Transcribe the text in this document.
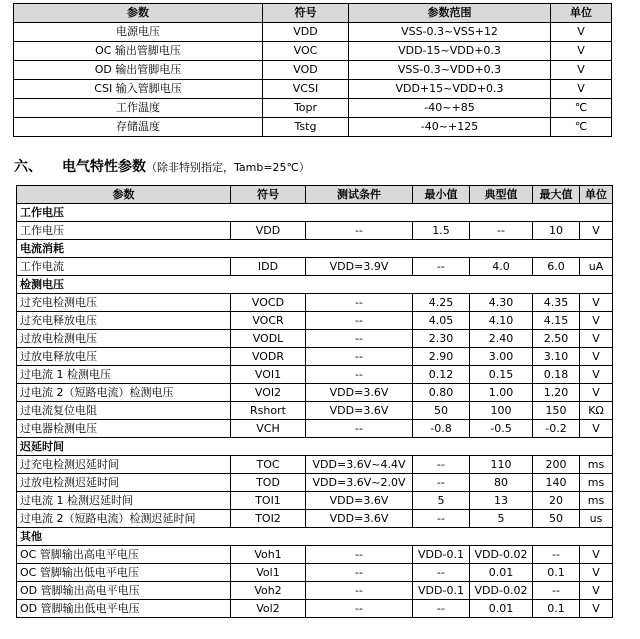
参数	符号	参数范围	单位
电源电压	VDD	VSS-0.3~VSS+12	V
OC 输出管脚电压	VOC	VDD-15~VDD+0.3	V
OD 输出管脚电压	VOD	VSS-0.3~VDD+0.3	V
CSI 输入管脚电压	VCSI	VDD+15~VDD+0.3	V
工作温度	Topr	-40~+85	℃
存储温度	Tstg	-40~+125	℃
六、 电气特性参数（除非特别指定，Tamb=25℃）
参数	符号	测试条件	最小值	典型值	最大值	单位
工作电压						
工作电压	VDD	--	1.5	--	10	V
电流消耗						
工作电流	IDD	VDD=3.9V	--	4.0	6.0	uA
检测电压						
过充电检测电压	VOCD	--	4.25	4.30	4.35	V
过充电释放电压	VOCR	--	4.05	4.10	4.15	V
过放电检测电压	VODL	--	2.30	2.40	2.50	V
过放电释放电压	VODR	--	2.90	3.00	3.10	V
过电流 1 检测电压	VOI1	--	0.12	0.15	0.18	V
过电流 2（短路电流）检测电压	VOI2	VDD=3.6V	0.80	1.00	1.20	V
过电流复位电阻	Rshort	VDD=3.6V	50	100	150	KΩ
过电器检测电压	VCH	--	-0.8	-0.5	-0.2	V
迟延时间						
过充电检测迟延时间	TOC	VDD=3.6V~4.4V	--	110	200	ms
过放电检测迟延时间	TOD	VDD=3.6V~2.0V	--	80	140	ms
过电流 1 检测迟延时间	TOI1	VDD=3.6V	5	13	20	ms
过电流 2（短路电流）检测迟延时间	TOI2	VDD=3.6V	--	5	50	us
其他						
OC 管脚输出高电平电压	Voh1	--	VDD-0.1	VDD-0.02	--	V
OC 管脚输出低电平电压	Vol1	--	--	0.01	0.1	V
OD 管脚输出高电平电压	Voh2	--	VDD-0.1	VDD-0.02	--	V
OD 管脚输出低电平电压	Vol2	--	--	0.01	0.1	V
